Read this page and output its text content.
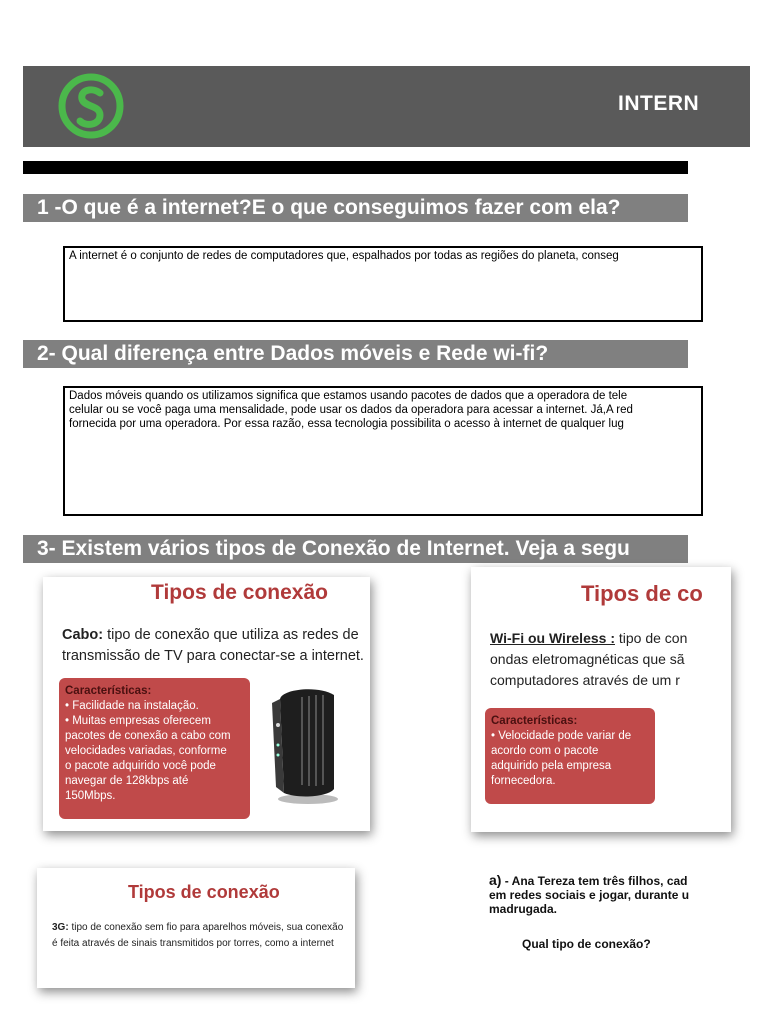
INTERN
1 -O que é a internet?E o que conseguimos fazer com ela?
A internet é o conjunto de redes de computadores que, espalhados por todas as regiões do planeta, conseg
2- Qual diferença entre Dados móveis e Rede wi-fi?
Dados móveis quando os utilizamos significa que estamos usando pacotes de dados que a operadora de tele
celular ou se você paga uma mensalidade, pode usar os dados da operadora para acessar a internet. Já,A red
fornecida por uma operadora. Por essa razão, essa tecnologia possibilita o acesso à internet de qualquer lug
3- Existem vários tipos de Conexão de Internet. Veja a segu
Tipos de conexão
Cabo: tipo de conexão que utiliza as redes de
transmissão de TV para conectar-se a internet.
Características:
• Facilidade na instalação.
• Muitas empresas oferecem
pacotes de conexão a cabo com
velocidades variadas, conforme
o pacote adquirido você pode
navegar de 128kbps até
150Mbps.
Tipos de co
Wi-Fi ou Wireless : tipo de con
ondas eletromagnéticas que sã
computadores através de um r
Características:
• Velocidade pode variar de
acordo com o pacote
adquirido pela empresa
fornecedora.
Tipos de conexão
3G: tipo de conexão sem fio para aparelhos móveis, sua conexão
é feita através de sinais transmitidos por torres, como a internet
a) - Ana Tereza tem três filhos, cad
em redes sociais e jogar, durante u
madrugada.
Qual tipo de conexão?
